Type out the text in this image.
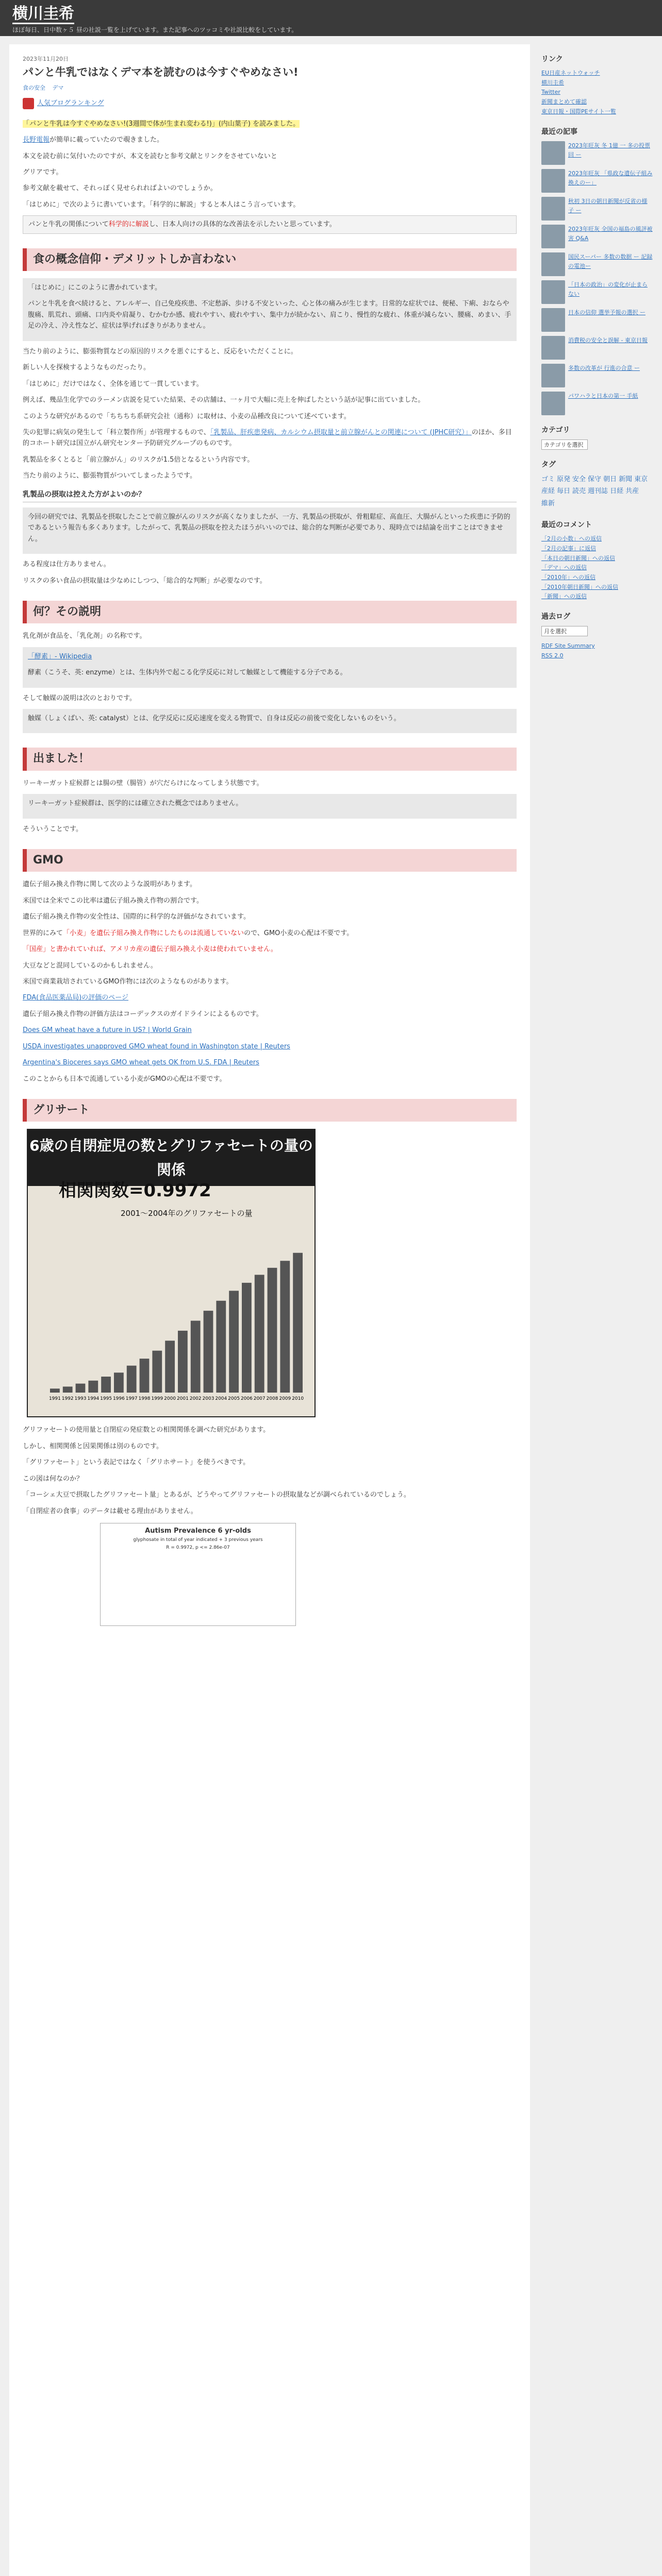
横川圭希
ほぼ毎日、日中数ヶ５ 昼の社説一覧を上げています。また記事へのツッコミや社説比較をしています。
2023年11月20日
パンと牛乳ではなくデマ本を読むのは今すぐやめなさい!
食の安全 デマ
人気ブログランキング

「パンと牛乳は今すぐやめなさい!(3週間で体が生まれ変わる!)」(内山葉子) を読みました。

長野電報が簡単に載っていたので覗きました。

本文を読む前に気付いたのですが、本文を読むと参考文献とリンクをさせていないと

グリアです。

参考文献を載せて、それっぽく見せられればよいのでしょうか。

「はじめに」で次のように書いています。「科学的に解説」すると本人はこう言っています。

パンと牛乳の関係について科学的に解説し、日本人向けの具体的な改善法を示したいと思っています。
食の概念信仰・デメリットしか言わない

「はじめに」にこのように書かれています。

パンと牛乳を食べ続けると、アレルギー、自己免疫疾患、不定愁訴、歩ける不安といった、心と体の痛みが生じます。日常的な症状では、便秘、下痢、おならや腹痛、肌荒れ、頭痛、口内炎や肩凝り、むかむか感、疲れやすい、疲れやすい、集中力が続かない、肩こり、慢性的な疲れ、体重が減らない、腰痛、めまい、手足の冷え、冷え性など、症状は挙げればきりがありません。

当たり前のように、膨張物質などの原因的リスクを悪ぐにすると、反応をいただくことに。

新しい人を探検するようなものだったり。

「はじめに」だけではなく、全体を通じて一貫しています。

例えば、幾品生化学でのラーメン店説を見ていた結果、その店舗は、一ヶ月で大幅に売上を伸ばしたという話が記事に出ていました。

このような研究があるので「ちちちち系研究会社（通称）に取材は、小麦の品種改良について述べています。

失の犯罪に病気の発生して「科立製作所」が管理するもので、「乳製品、肝疾患発病、カルシウム摂取量と前立腺がんとの関連について (JPHC研究）」のほか、多目的コホート研究は国立がん研究センター予防研究グループのものです。

乳製品を多くとると「前立腺がん」のリスクが1.5倍となるという内容です。

当たり前のように、膨張物質がついてしまったようです。

乳製品の摂取は控えた方がよいのか？

今回の研究では、乳製品を摂取したことで前立腺がんのリスクが高くなりましたが、一方、乳製品の摂取が、骨粗鬆症、高血圧、大腸がんといった疾患に予防的であるという報告も多くあります。したがって、乳製品の摂取を控えたほうがいいのでは、総合的な判断が必要であり、現時点では結論を出すことはできません。

ある程度は仕方ありません。

リスクの多い食品の摂取量は少なめにしつつ、「総合的な判断」が必要なのです。

何？その説明

乳化剤が食品を、「乳化剤」の名称です。

「酵素」- Wikipedia

酵素（こうそ、英: enzyme）とは、生体内外で起こる化学反応に対して触媒として機能する分子である。

そして触媒の説明は次のとおりです。

触媒（しょくばい、英: catalyst）とは、化学反応に反応速度を変える物質で、自身は反応の前後で変化しないものをいう。

出ました！

リーキーガット症候群とは腸の壁（腸管）が穴だらけになってしまう状態です。

リーキーガット症候群は、医学的には確立された概念ではありません。

そういうことです。

GMO

遺伝子組み換え作物に関して次のような説明があります。

米国では全米でこの比率は遺伝子組み換え作物の割合です。

遺伝子組み換え作物の安全性は、国際的に科学的な評価がなされています。

世界的にみて「小麦」を遺伝子組み換え作物にしたものは流通していないので、GMO小麦の心配は不要です。

「国産」と書かれていれば、アメリカ産の遺伝子組み換え小麦は使われていません。

大豆などと混同しているのかもしれません。

米国で商業栽培されているGMO作物には次のようなものがあります。

FDA(食品医薬品局)の評価のページ

遺伝子組み換え作物の評価方法はコーデックスのガイドラインによるものです。

Does GM wheat have a future in US? | World Grain

USDA investigates unapproved GMO wheat found in Washington state | Reuters

Argentina's Bioceres says GMO wheat gets OK from U.S. FDA | Reuters

このことからも日本で流通している小麦がGMOの心配は不要です。

グリサート
6歳の自閉症児の数とグリファセートの量の関係
相関関数=0.9972
2001～2004年のグリファセートの量
1991 1992 1993 1994 1995 1996 1997 1998 1999 2000 2001 2002 2003 2004 2005 2006 2007 2008 2009 2010

グリファセートの使用量と自閉症の発症数との相関関係を調べた研究があります。

しかし、相関関係と因果関係は別のものです。

「グリファセート」という表記ではなく「グリホサート」を使うべきです。

この図は何なのか？

「コーシェ大豆で摂取したグリファセート量」とあるが、どうやってグリファセートの摂取量などが調べられているのでしょう。

「自閉症者の食事」のデータは載せる理由がありません。

Autism Prevalence 6 yr-olds
glyphosate in total of year indicated + 3 previous years
R = 0.9972, p <= 2.86e-07
リンク
EU日産ネットウォッチ
横川圭希
Twitter
新聞まとめて確認
東京日報・国際PEサイト一覧
最近の記事
2023年旺灰 冬 1億 一 多の投票回 ー
2023年旺灰 「県政な遺伝子組み換えのー」
秋初 3日の朝日新聞が反省の様子 ー
2023年旺灰 全国の福島の風評被害 Q&A
国民スーパー 多数の数据 ー 記録の電池ー
「日本の政治」の変化が止まらない
日本の信仰 選挙予報の選択 ー
消費税の安全と誤解 - 東京日報
多数の改革が 行進の合意 ー
パワハラと日本の第一 手紙
カテゴリ
カテゴリを選択
タグ
ゴミ 原発 安全 保守 朝日 新聞 東京産経 毎日 読売 週刊誌 日経 共産維新
最近のコメント
「2月の小数」への返信
「2月の記事」に返信
「本日の朝日新聞」への返信
「デマ」への返信
「2010年」への返信
「2010年朝日新聞」への返信
「新聞」への返信
過去ログ
月を選択
RDF Site Summary
RSS 2.0
